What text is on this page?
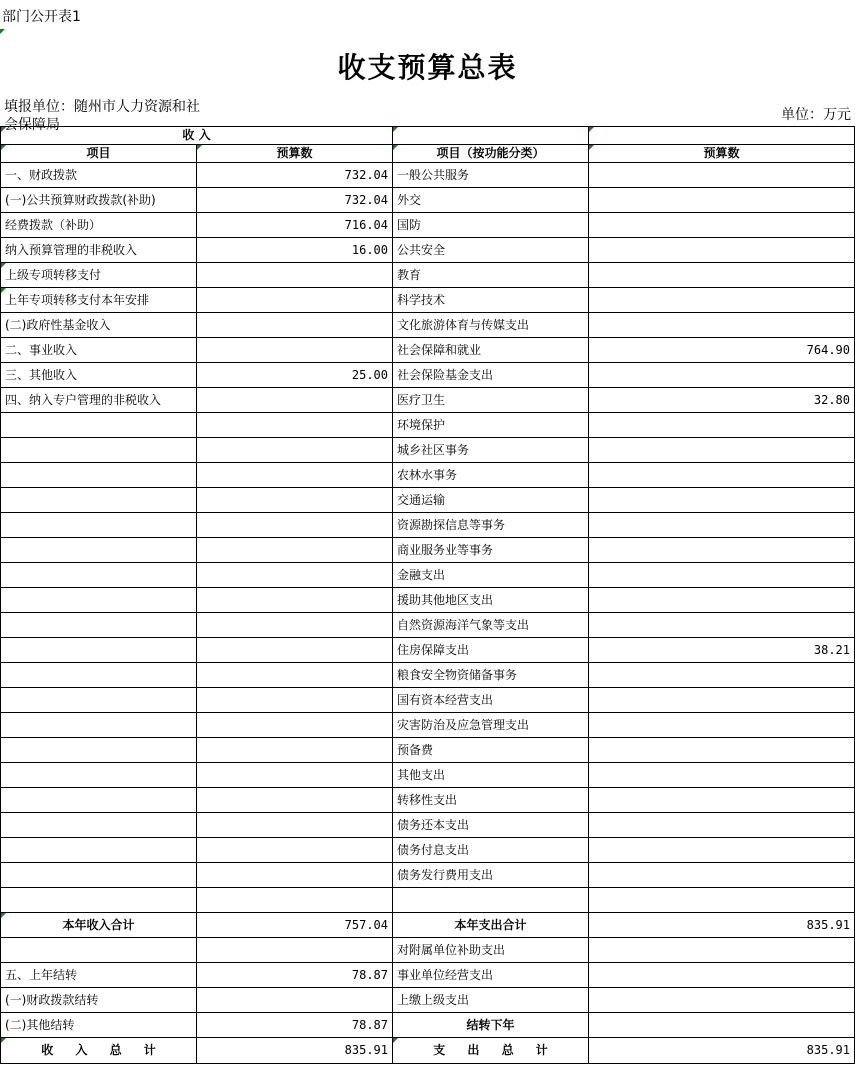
部门公开表1
收支预算总表
填报单位：随州市人力资源和社会保障局
单位：万元
收 入			
项目	预算数	项目（按功能分类）	预算数
一、财政拨款	732.04	一般公共服务	
(一)公共预算财政拨款(补助)	732.04	外交	
经费拨款（补助）	716.04	国防	
纳入预算管理的非税收入	16.00	公共安全	
上级专项转移支付		教育	
上年专项转移支付本年安排		科学技术	
(二)政府性基金收入		文化旅游体育与传媒支出	
二、事业收入		社会保障和就业	764.90
三、其他收入	25.00	社会保险基金支出	
四、纳入专户管理的非税收入		医疗卫生	32.80
		环境保护	
		城乡社区事务	
		农林水事务	
		交通运输	
		资源勘探信息等事务	
		商业服务业等事务	
		金融支出	
		援助其他地区支出	
		自然资源海洋气象等支出	
		住房保障支出	38.21
		粮食安全物资储备事务	
		国有资本经营支出	
		灾害防治及应急管理支出	
		预备费	
		其他支出	
		转移性支出	
		债务还本支出	
		债务付息支出	
		债务发行费用支出	

本年收入合计	757.04	本年支出合计	835.91
		对附属单位补助支出	
五、上年结转	78.87	事业单位经营支出	
(一)财政拨款结转		上缴上级支出	
(二)其他结转	78.87	结转下年	
收 入 总 计	835.91	支 出 总 计	835.91
